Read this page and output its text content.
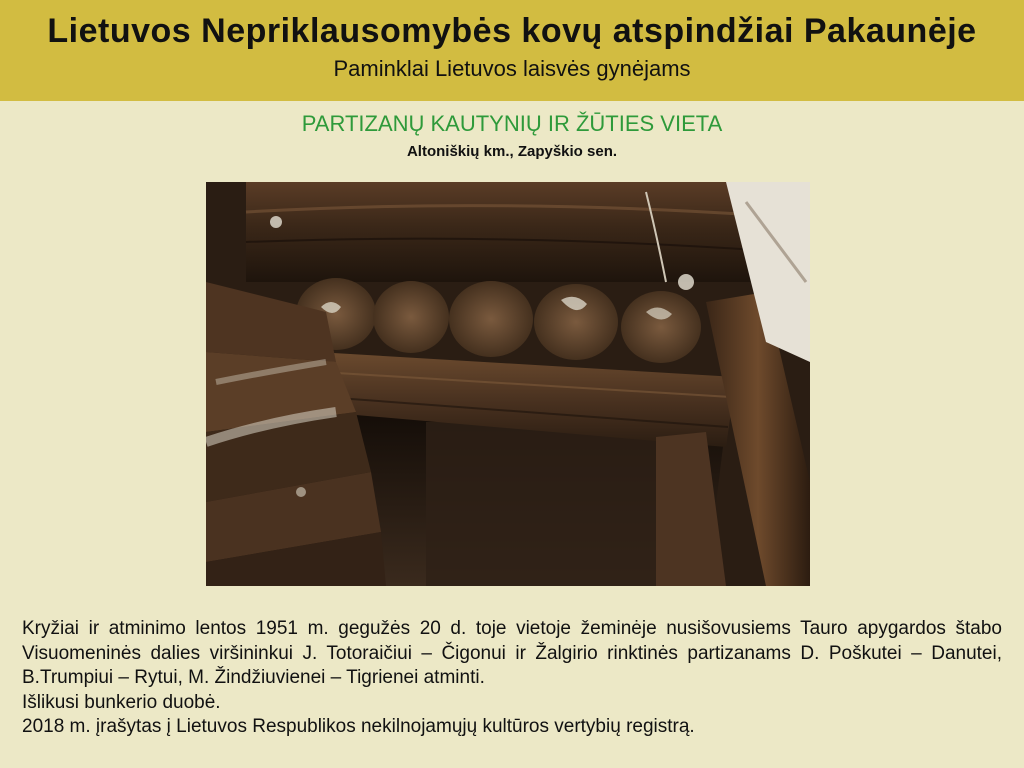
Lietuvos Nepriklausomybės kovų atspindžiai Pakaunėje
Paminklai Lietuvos laisvės gynėjams
PARTIZANŲ KAUTYNIŲ IR ŽŪTIES VIETA
Altoniškių km., Zapyškio sen.

Kryžiai ir atminimo lentos 1951 m. gegužės 20 d. toje vietoje žeminėje nusišovusiems Tauro apygardos štabo Visuomeninės dalies viršininkui J. Totoraičiui – Čigonui ir Žalgirio rinktinės partizanams D. Poškutei – Danutei, B.Trumpiui – Rytui, M. Žindžiuvienei – Tigrienei atminti.

Išlikusi bunkerio duobė.

2018 m. įrašytas į Lietuvos Respublikos nekilnojamųjų kultūros vertybių registrą.
